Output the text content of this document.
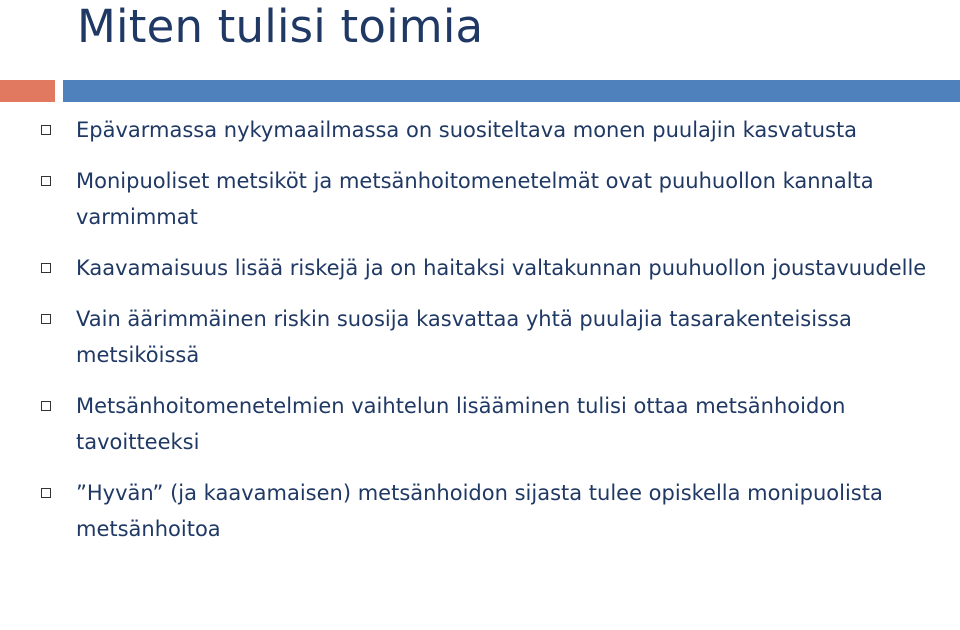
Miten tulisi toimia
Epävarmassa nykymaailmassa on suositeltava monen puulajin kasvatusta
Monipuoliset metsiköt ja metsänhoitomenetelmät ovat puuhuollon kannalta varmimmat
Kaavamaisuus lisää riskejä ja on haitaksi valtakunnan puuhuollon joustavuudelle
Vain äärimmäinen riskin suosija kasvattaa yhtä puulajia tasarakenteisissa metsiköissä
Metsänhoitomenetelmien vaihtelun lisääminen tulisi ottaa metsänhoidon tavoitteeksi
”Hyvän” (ja kaavamaisen) metsänhoidon sijasta tulee opiskella monipuolista metsänhoitoa
